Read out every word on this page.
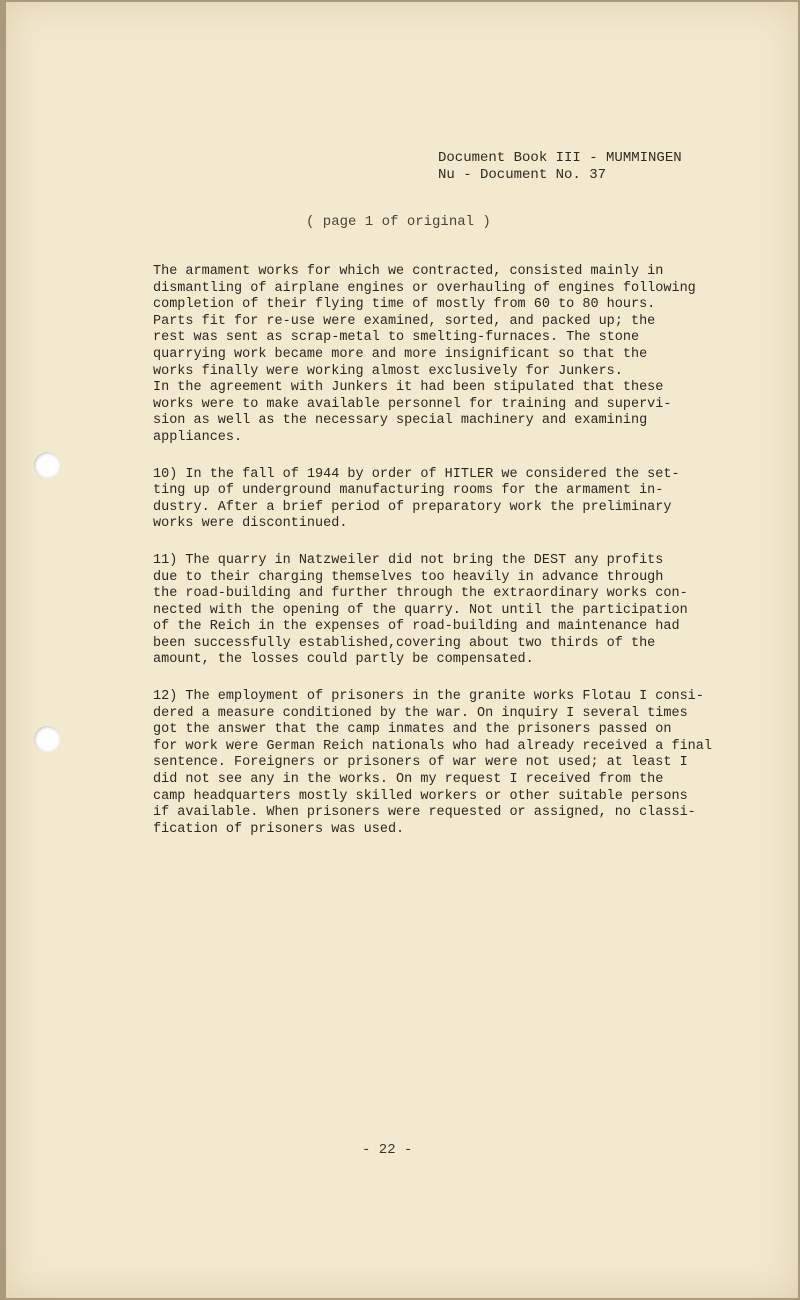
Document Book III - MUMMINGEN
Nu - Document No. 37
( page 1 of original )

The armament works for which we contracted, consisted mainly in
dismantling of airplane engines or overhauling of engines following
completion of their flying time of mostly from 60 to 80 hours.
Parts fit for re-use were examined, sorted, and packed up; the
rest was sent as scrap-metal to smelting-furnaces. The stone
quarrying work became more and more insignificant so that the
works finally were working almost exclusively for Junkers.
In the agreement with Junkers it had been stipulated that these
works were to make available personnel for training and supervi-
sion as well as the necessary special machinery and examining
appliances.

10) In the fall of 1944 by order of HITLER we considered the set-
ting up of underground manufacturing rooms for the armament in-
dustry. After a brief period of preparatory work the preliminary
works were discontinued.

11) The quarry in Natzweiler did not bring the DEST any profits
due to their charging themselves too heavily in advance through
the road-building and further through the extraordinary works con-
nected with the opening of the quarry. Not until the participation
of the Reich in the expenses of road-building and maintenance had
been successfully established,covering about two thirds of the
amount, the losses could partly be compensated.

12) The employment of prisoners in the granite works Flotau I consi-
dered a measure conditioned by the war. On inquiry I several times
got the answer that the camp inmates and the prisoners passed on
for work were German Reich nationals who had already received a final
sentence. Foreigners or prisoners of war were not used; at least I
did not see any in the works. On my request I received from the
camp headquarters mostly skilled workers or other suitable persons
if available. When prisoners were requested or assigned, no classi-
fication of prisoners was used.

- 22 -
